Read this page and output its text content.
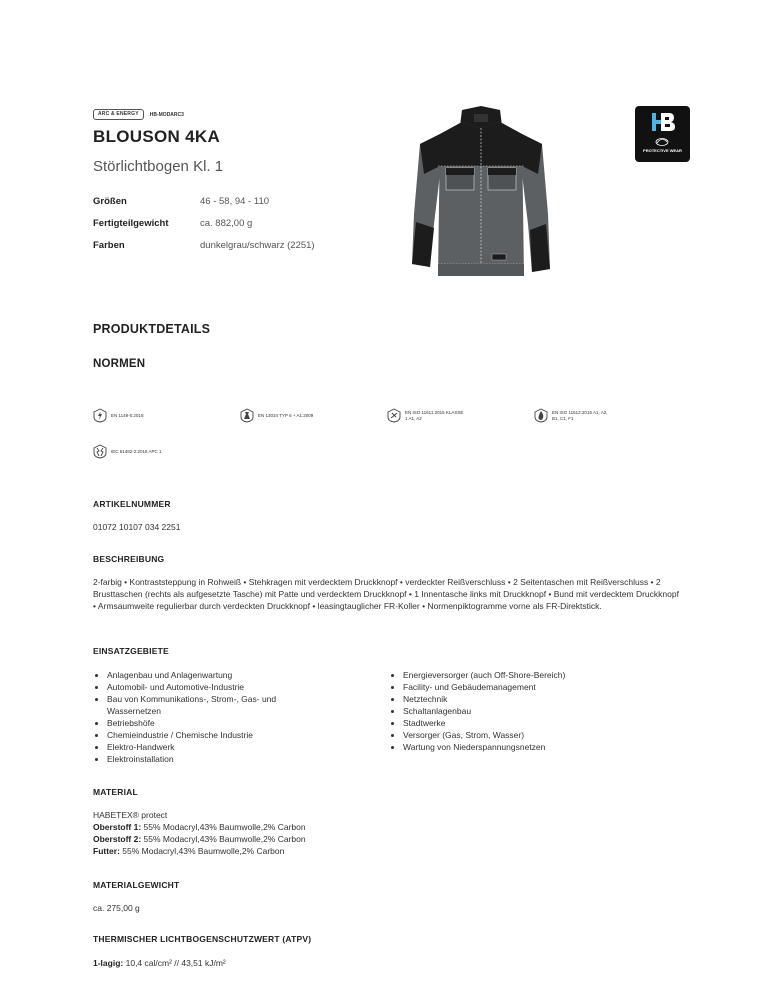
ARC & ENERGY	HB-MODARC3
BLOUSON 4KA
Störlichtbogen Kl. 1
Größen	46 - 58, 94 - 110
Fertigteilgewicht	ca. 882,00 g
Farben	dunkelgrau/schwarz (2251)
PROTECTIVE WEAR
PRODUKTDETAILS
NORMEN
EN 1149-5:2018	EN 13034 TYP 6 + A1:2009
EN ISO 11611:2015 KLASSE 1 A1, A2
EN ISO 11612:2015 A1, A2, B1, C1, F1
IEC 61482-2:2018 APC 1
ARTIKELNUMMER
01072 10107 034 2251
BESCHREIBUNG
2-farbig • Kontraststeppung in Rohweiß • Stehkragen mit verdecktem Druckknopf • verdeckter Reißverschluss • 2 Seitentaschen mit Reißverschluss • 2 Brusttaschen (rechts als aufgesetzte Tasche) mit Patte und verdecktem Druckknopf • 1 Innentasche links mit Druckknopf • Bund mit verdecktem Druckknopf • Armsaumweite regulierbar durch verdeckten Druckknopf • leasingtauglicher FR-Koller • Normenpiktogramme vorne als FR-Direktstick.
EINSATZGEBIETE
• Anlagenbau und Anlagenwartung
• Automobil- und Automotive-Industrie
• Bau von Kommunikations-, Strom-, Gas- und Wassernetzen
• Betriebshöfe
• Chemieindustrie / Chemische Industrie
• Elektro-Handwerk
• Elektroinstallation
• Energieversorger (auch Off-Shore-Bereich)
• Facility- und Gebäudemanagement
• Netztechnik
• Schaltanlagenbau
• Stadtwerke
• Versorger (Gas, Strom, Wasser)
• Wartung von Niederspannungsnetzen
MATERIAL
HABETEX® protect
Oberstoff 1: 55% Modacryl,43% Baumwolle,2% Carbon
Oberstoff 2: 55% Modacryl,43% Baumwolle,2% Carbon
Futter: 55% Modacryl,43% Baumwolle,2% Carbon
MATERIALGEWICHT
ca. 275,00 g
THERMISCHER LICHTBOGENSCHUTZWERT (ATPV)
1-lagig: 10,4 cal/cm² // 43,51 kJ/m²
